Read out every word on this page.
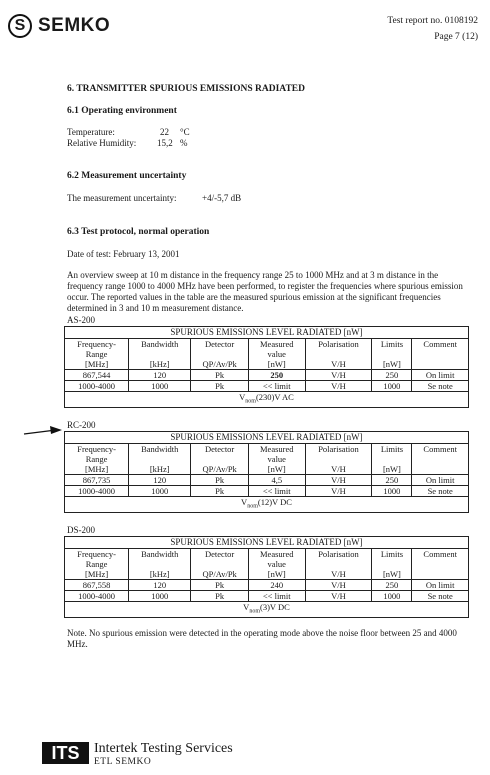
S SEMKO	Test report no. 0108192
Page 7 (12)
6. TRANSMITTER SPURIOUS EMISSIONS RADIATED
6.1 Operating environment
Temperature:	22 °C
Relative Humidity: 15,2 %
6.2 Measurement uncertainty
The measurement uncertainty:	+4/-5,7 dB
6.3 Test protocol, normal operation
Date of test: February 13, 2001
An overview sweep at 10 m distance in the frequency range 25 to 1000 MHz and at 3 m distance in the frequency range 1000 to 4000 MHz have been performed, to register the frequencies where spurious emission occur. The reported values in the table are the measured spurious emission at the significant frequencies determined in 3 and 10 m measurement distance.
AS-200
SPURIOUS EMISSIONS LEVEL RADIATED [nW]						
Frequency-	Bandwidth	Detector	Measured	Polarisation	Limits	Comment
Range			value			
[MHz]	[kHz]	QP/Av/Pk	[nW]	V/H	[nW]	
867,544	120	Pk	250	V/H	250	On limit
1000-4000	1000	Pk	<< limit	V/H	1000	Se note
$V_{nom}(230)V$ AC						
RC-200
SPURIOUS EMISSIONS LEVEL RADIATED [nW]						
Frequency-	Bandwidth	Detector	Measured	Polarisation	Limits	Comment
Range			value			
[MHz]	[kHz]	QP/Av/Pk	[nW]	V/H	[nW]	
867,735	120	Pk	4,5	V/H	250	On limit
1000-4000	1000	Pk	<< limit	V/H	1000	Se note
$V_{nom}(12)V$ DC						
DS-200
SPURIOUS EMISSIONS LEVEL RADIATED [nW]						
Frequency-	Bandwidth	Detector	Measured	Polarisation	Limits	Comment
Range			value			
[MHz]	[kHz]	QP/Av/Pk	[nW]	V/H	[nW]	
867,558	120	Pk	240	V/H	250	On limit
1000-4000	1000	Pk	<< limit	V/H	1000	Se note
$V_{nom}(3)V$ DC						
Note. No spurious emission were detected in the operating mode above the noise floor between 25 and 4000 MHz.
ITS	Intertek Testing Services
ETL SEMKO
